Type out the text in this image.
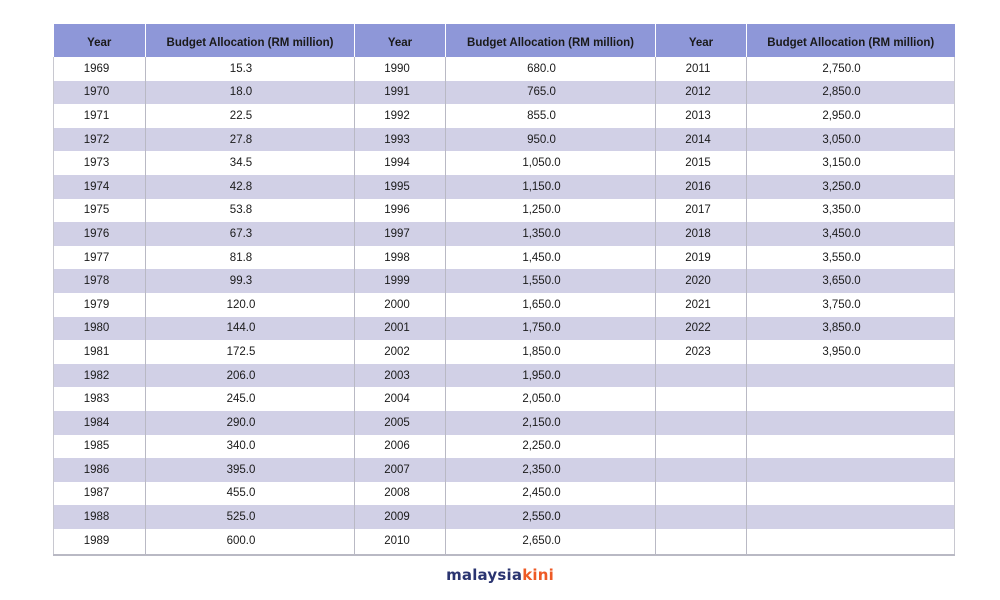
Year	Budget Allocation (RM million)	Year	Budget Allocation (RM million)	Year	Budget Allocation (RM million)
1969	15.3	1990	680.0	2011	2,750.0
1970	18.0	1991	765.0	2012	2,850.0
1971	22.5	1992	855.0	2013	2,950.0
1972	27.8	1993	950.0	2014	3,050.0
1973	34.5	1994	1,050.0	2015	3,150.0
1974	42.8	1995	1,150.0	2016	3,250.0
1975	53.8	1996	1,250.0	2017	3,350.0
1976	67.3	1997	1,350.0	2018	3,450.0
1977	81.8	1998	1,450.0	2019	3,550.0
1978	99.3	1999	1,550.0	2020	3,650.0
1979	120.0	2000	1,650.0	2021	3,750.0
1980	144.0	2001	1,750.0	2022	3,850.0
1981	172.5	2002	1,850.0	2023	3,950.0
1982	206.0	2003	1,950.0		
1983	245.0	2004	2,050.0		
1984	290.0	2005	2,150.0		
1985	340.0	2006	2,250.0		
1986	395.0	2007	2,350.0		
1987	455.0	2008	2,450.0		
1988	525.0	2009	2,550.0		
1989	600.0	2010	2,650.0		
malaysiakini
